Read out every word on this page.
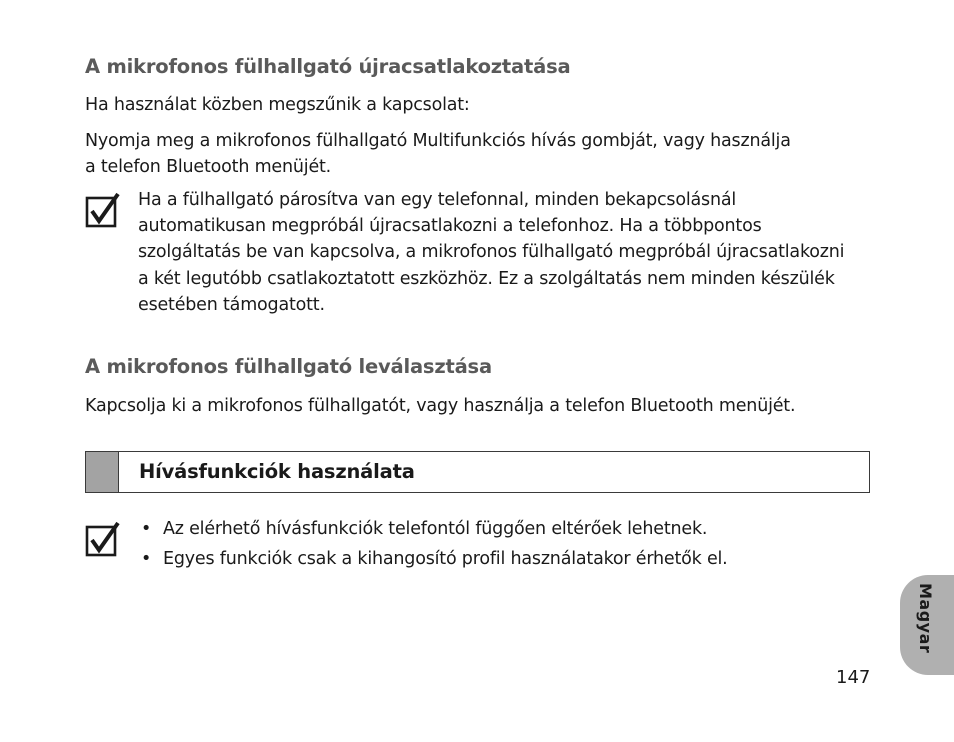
A mikrofonos fülhallgató újracsatlakoztatása
Ha használat közben megszűnik a kapcsolat:
Nyomja meg a mikrofonos fülhallgató Multifunkciós hívás gombját, vagy használja
a telefon Bluetooth menüjét.
Ha a fülhallgató párosítva van egy telefonnal, minden bekapcsolásnál
automatikusan megpróbál újracsatlakozni a telefonhoz. Ha a többpontos
szolgáltatás be van kapcsolva, a mikrofonos fülhallgató megpróbál újracsatlakozni
a két legutóbb csatlakoztatott eszközhöz. Ez a szolgáltatás nem minden készülék
esetében támogatott.
A mikrofonos fülhallgató leválasztása
Kapcsolja ki a mikrofonos fülhallgatót, vagy használja a telefon Bluetooth menüjét.
Hívásfunkciók használata
• Az elérhető hívásfunkciók telefontól függően eltérőek lehetnek.
• Egyes funkciók csak a kihangosító profil használatakor érhetők el.
Magyar
147
